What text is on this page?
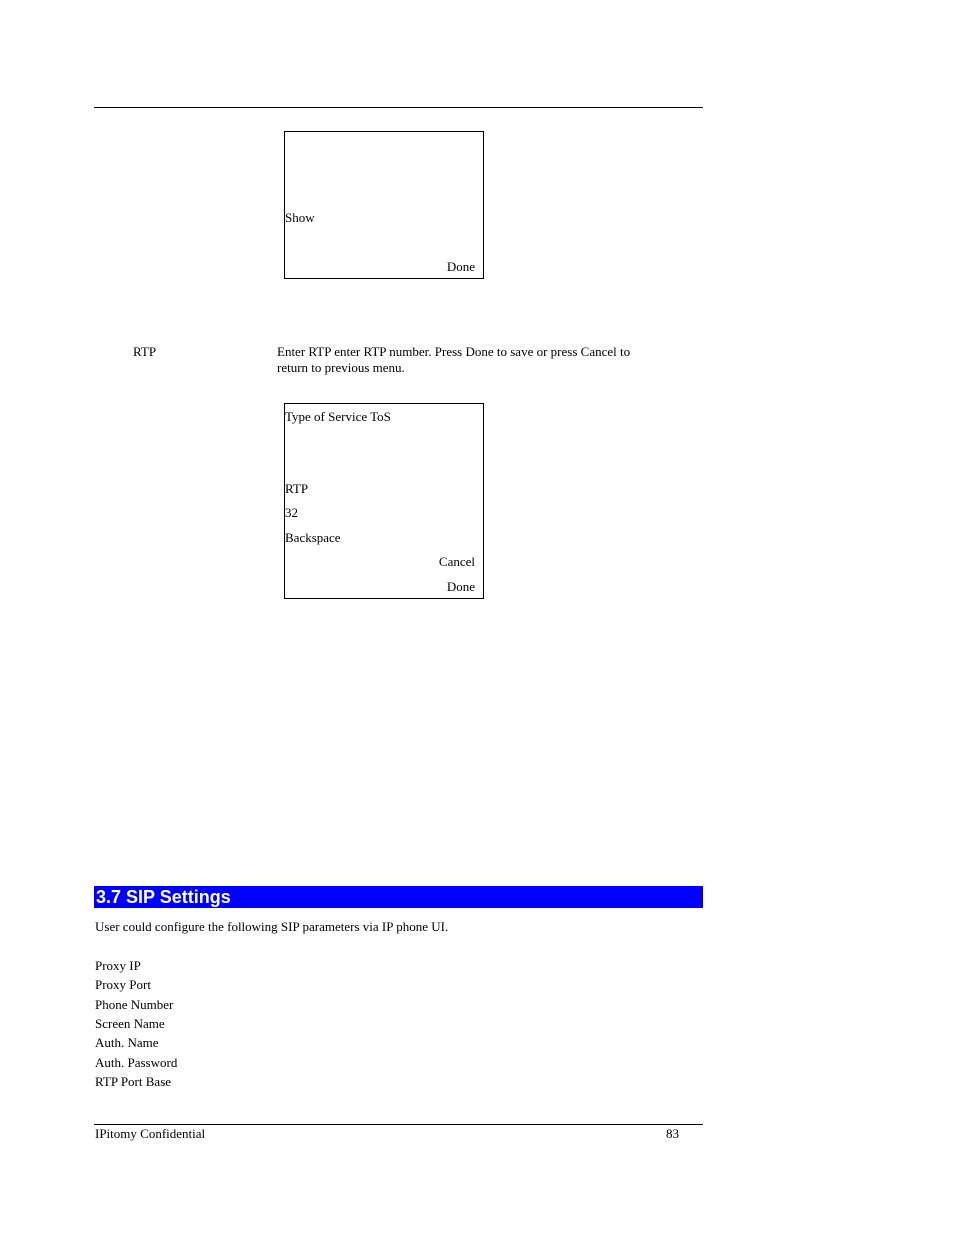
Show
Done
RTP	Enter RTP enter RTP number. Press Done to save or press Cancel to
return to previous menu.
Type of Service ToS
RTP
32
Backspace
Cancel
Done
3.7 SIP Settings
User could configure the following SIP parameters via IP phone UI.
Proxy IP
Proxy Port
Phone Number
Screen Name
Auth. Name
Auth. Password
RTP Port Base
IPitomy Confidential	83
